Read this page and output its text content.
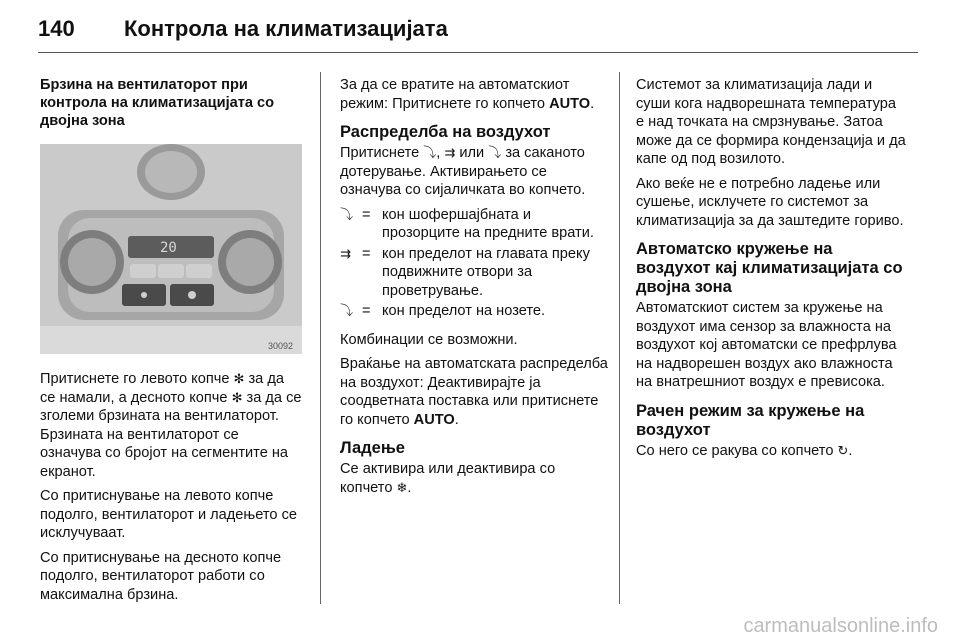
140 Контрола на климатизацијата
Брзина на вентилаторот при контрола на климатизацијата со двојна зона
20
30092

Притиснете го левото копче ✻ за да се намали, а десното копче ✻ за да се зголеми брзината на вентилаторот. Брзината на вентилаторот се означува со бројот на сегментите на екранот.

Со притиснување на левото копче подолго, вентилаторот и ладењето се исклучуваат.

Со притиснување на десното копче подолго, вентилаторот работи со максимална брзина.

За да се вратите на автоматскиот режим: Притиснете го копчето AUTO.

Распределба на воздухот

Притиснете ⤵, ⇉ или ⤵ за саканото дотерување. Активирањето се означува со сијаличката во копчето.

⤵	=	кон шофершајбната и прозорците на предните врати.
⇉	=	кон пределот на главата преку подвижните отвори за проветрување.
⤵	=	кон пределот на нозете.

Комбинации се возможни.

Враќање на автоматската распределба на воздухот: Деактивирајте ја соодветната поставка или притиснете го копчето AUTO.

Ладење

Се активира или деактивира со копчето ❄.

Системот за климатизација лади и суши кога надворешната температура е над точката на смрзнување. Затоа може да се формира кондензација и да капе од под возилото.

Ако веќе не е потребно ладење или сушење, исклучете го системот за климатизација за да заштедите гориво.

Автоматско кружење на воздухот кај климатизацијата со двојна зона

Автоматскиот систем за кружење на воздухот има сензор за влажноста на воздухот кој автоматски се префрлува на надворешен воздух ако влажноста на внатрешниот воздух е превисока.

Рачен режим за кружење на воздухот

Со него се ракува со копчето ↻.

carmanualsonline.info
